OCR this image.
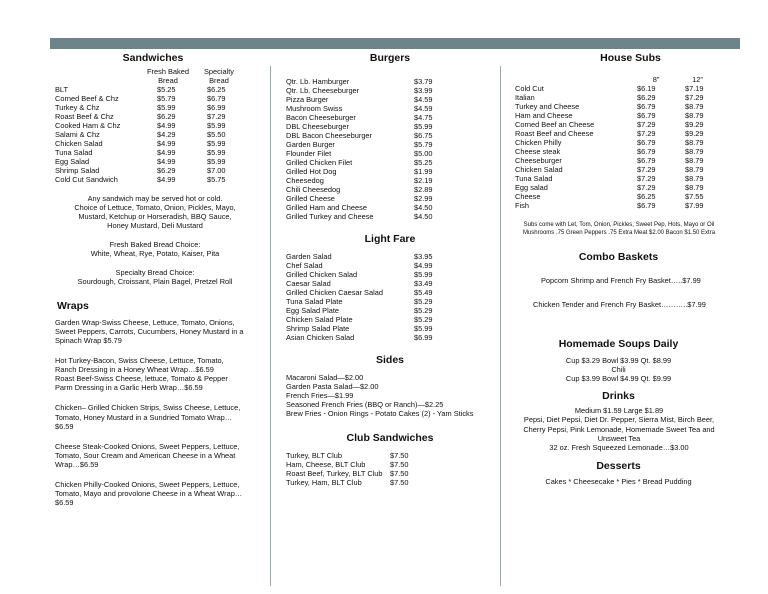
Sandwiches

	Fresh Baked	Specialty
	Bread	Bread
BLT	$5.25	$6.25
Corned Beef & Chz	$5.79	$6.79
Turkey & Chz	$5.99	$6.99
Roast Beef & Chz	$6.29	$7.29
Cooked Ham & Chz	$4.99	$5.99
Salami & Chz	$4.29	$5.50
Chicken Salad	$4.99	$5.99
Tuna Salad	$4.99	$5.99
Egg Salad	$4.99	$5.99
Shrimp Salad	$6.29	$7.00
Cold Cut Sandwich	$4.99	$5.75

Any sandwich may be served hot or cold.

Choice of Lettuce, Tomato, Onion, Pickles, Mayo,

Mustard, Ketchup or Horseradish, BBQ Sauce,

Honey Mustard, Deli Mustard

Fresh Baked Bread Choice:

White, Wheat, Rye, Potato, Kaiser, Pita

Specialty Bread Choice:

Sourdough, Croissant, Plain Bagel, Pretzel Roll

Wraps

Garden Wrap-Swiss Cheese, Lettuce, Tomato, Onions,

Sweet Peppers, Carrots, Cucumbers, Honey Mustard in a

Spinach Wrap $5.79

Hot Turkey-Bacon, Swiss Cheese, Lettuce, Tomato,

Ranch Dressing in a Honey Wheat Wrap…$6.59

Roast Beef-Swiss Cheese, lettuce, Tomato & Pepper

Parm Dressing in a Garlic Herb Wrap…$6.59

Chicken– Grilled Chicken Strips, Swiss Cheese, Lettuce,

Tomato, Honey Mustard in a Sundried Tomato Wrap…

$6.59

Cheese Steak-Cooked Onions, Sweet Peppers, Lettuce,

Tomato, Sour Cream and American Cheese in a Wheat

Wrap…$6.59

Chicken Philly-Cooked Onions, Sweet Peppers, Lettuce,

Tomato, Mayo and provolone Cheese in a Wheat Wrap…

$6.59

Burgers

Qtr. Lb. Hamburger	$3.79
Qtr. Lb. Cheeseburger	$3.99
Pizza Burger	$4.59
Mushroom Swiss	$4.59
Bacon Cheeseburger	$4.75
DBL Cheeseburger	$5.99
DBL Bacon Cheeseburger	$6.75
Garden Burger	$5.79
Flounder Filet	$5.00
Grilled Chicken Filet	$5.25
Grilled Hot Dog	$1.99
Cheesedog	$2.19
Chili Cheesedog	$2.89
Grilled Cheese	$2.99
Grilled Ham and Cheese	$4.50
Grilled Turkey and Cheese	$4.50

Light Fare

Garden Salad	$3.95
Chef Salad	$4.99
Grilled Chicken Salad	$5.99
Caesar Salad	$3.49
Grilled Chicken Caesar Salad	$5.49
Tuna Salad Plate	$5.29
Egg Salad Plate	$5.29
Chicken Salad Plate	$5.29
Shrimp Salad Plate	$5.99
Asian Chicken Salad	$6.99

Sides

Macaroni Salad—$2.00

Garden Pasta Salad—$2.00

French Fries—$1.99

Seasoned French Fries (BBQ or Ranch)—$2.25

Brew Fries - Onion Rings - Potato Cakes (2) - Yam Sticks

Club Sandwiches

Turkey, BLT Club	$7.50
Ham, Cheese, BLT Club	$7.50
Roast Beef, Turkey, BLT Club	$7.50
Turkey, Ham, BLT Club	$7.50

House Subs

	8”	12”
Cold Cut	$6.19	$7.19
Italian	$6.29	$7.29
Turkey and Cheese	$6.79	$8.79
Ham and Cheese	$6.79	$8.79
Corned Beef an Cheese	$7.29	$9.29
Roast Beef and Cheese	$7.29	$9.29
Chicken Philly	$6.79	$8.79
Cheese steak	$6.79	$8.79
Cheeseburger	$6.79	$8.79
Chicken Salad	$7.29	$8.79
Tuna Salad	$7.29	$8.79
Egg salad	$7.29	$8.79
Cheese	$6.25	$7.55
Fish	$6.79	$7.99

Subs come with Let, Tom, Onion, Pickles, Sweet Pep, Hots, Mayo or Oil

Mushrooms .75 Green Peppers .75 Extra Meat $2.00 Bacon $1.50 Extra

Combo Baskets

Popcorn Shrimp and French Fry Basket…..$7.99

Chicken Tender and French Fry Basket………..$7.99

Homemade Soups Daily

Cup $3.29 Bowl $3.99 Qt. $8.99

Chili

Cup $3.99 Bowl $4.99 Qt. $9.99

Drinks

Medium $1.59 Large $1.89

Pepsi, Diet Pepsi, Diet Dr. Pepper, Sierra Mist, Birch Beer,

Cherry Pepsi, Pink Lemonade, Homemade Sweet Tea and

Unsweet Tea

32 oz. Fresh Squeezed Lemonade…$3.00

Desserts

Cakes * Cheesecake * Pies * Bread Pudding
